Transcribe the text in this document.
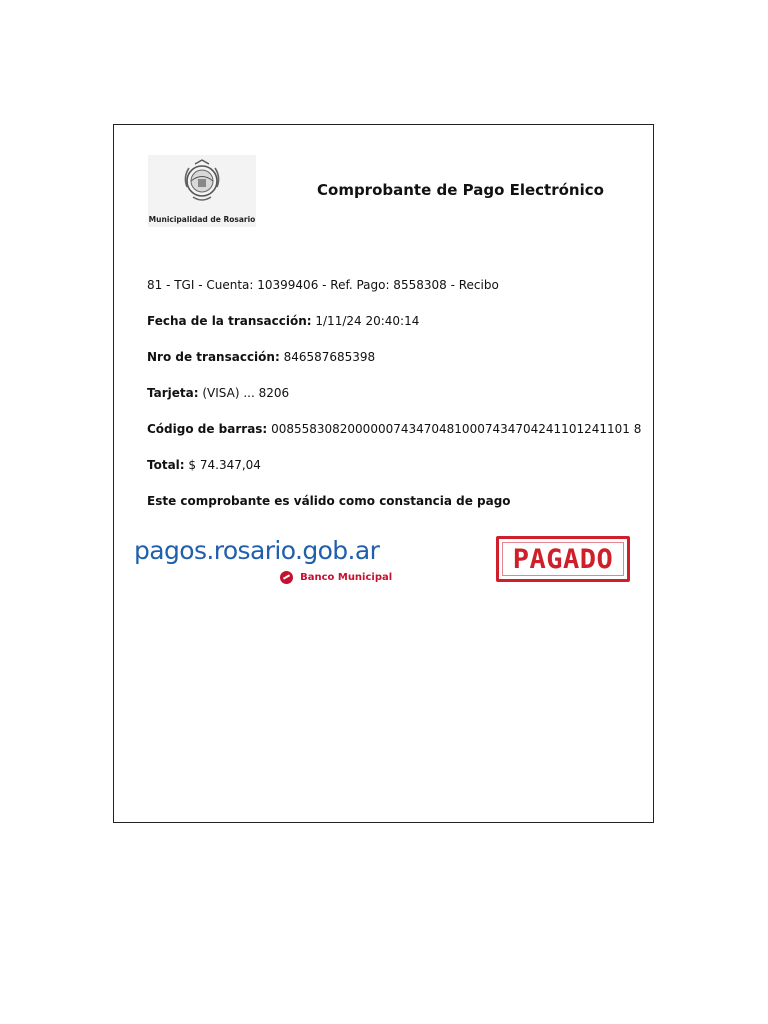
Municipalidad de Rosario
Comprobante de Pago Electrónico
81 - TGI - Cuenta: 10399406 - Ref. Pago: 8558308 - Recibo
Fecha de la transacción: 1/11/24 20:40:14
Nro de transacción: 846587685398
Tarjeta: (VISA) ... 8206
Código de barras: 00855830820000007434704810007434704241101241101 8
Total: $ 74.347,04
Este comprobante es válido como constancia de pago
pagos.rosario.gob.ar
Banco Municipal
PAGADO
